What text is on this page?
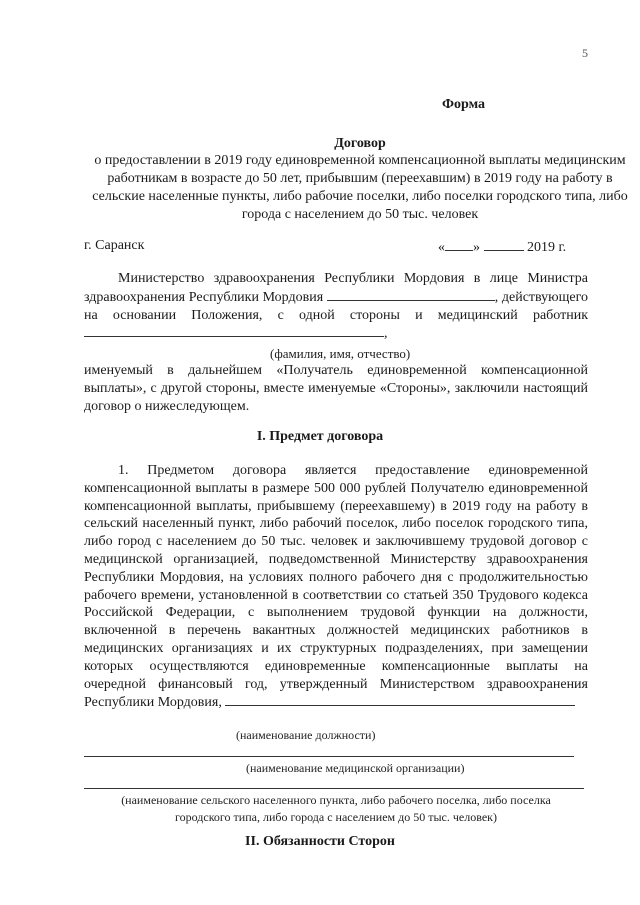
5
Форма
Договор
о предоставлении в 2019 году единовременной компенсационной выплаты медицинским работникам в возрасте до 50 лет, прибывшим (переехавшим) в 2019 году на работу в сельские населенные пункты, либо рабочие поселки, либо поселки городского типа, либо города с населением до 50 тыс. человек
г. Саранск	« »	2019 г.
Министерство здравоохранения Республики Мордовия в лице Министра здравоохранения Республики Мордовия	, действующего на основании Положения, с одной стороны и медицинский работник ,
(фамилия, имя, отчество)
именуемый в дальнейшем «Получатель единовременной компенсационной выплаты», с другой стороны, вместе именуемые «Стороны», заключили настоящий договор о нижеследующем.
I. Предмет договора
1. Предметом договора является предоставление единовременной компенсационной выплаты в размере 500 000 рублей Получателю единовременной компенсационной выплаты, прибывшему (переехавшему) в 2019 году на работу в сельский населенный пункт, либо рабочий поселок, либо поселок городского типа, либо город с населением до 50 тыс. человек и заключившему трудовой договор с медицинской организацией, подведомственной Министерству здравоохранения Республики Мордовия, на условиях полного рабочего дня с продолжительностью рабочего времени, установленной в соответствии со статьей 350 Трудового кодекса Российской Федерации, с выполнением трудовой функции на должности, включенной в перечень вакантных должностей медицинских работников в медицинских организациях и их структурных подразделениях, при замещении которых осуществляются единовременные компенсационные выплаты на очередной финансовый год, утвержденный Министерством здравоохранения Республики Мордовия,
(наименование должности)
(наименование медицинской организации)
(наименование сельского населенного пункта, либо рабочего поселка, либо поселка городского типа, либо города с населением до 50 тыс. человек)
II. Обязанности Сторон
